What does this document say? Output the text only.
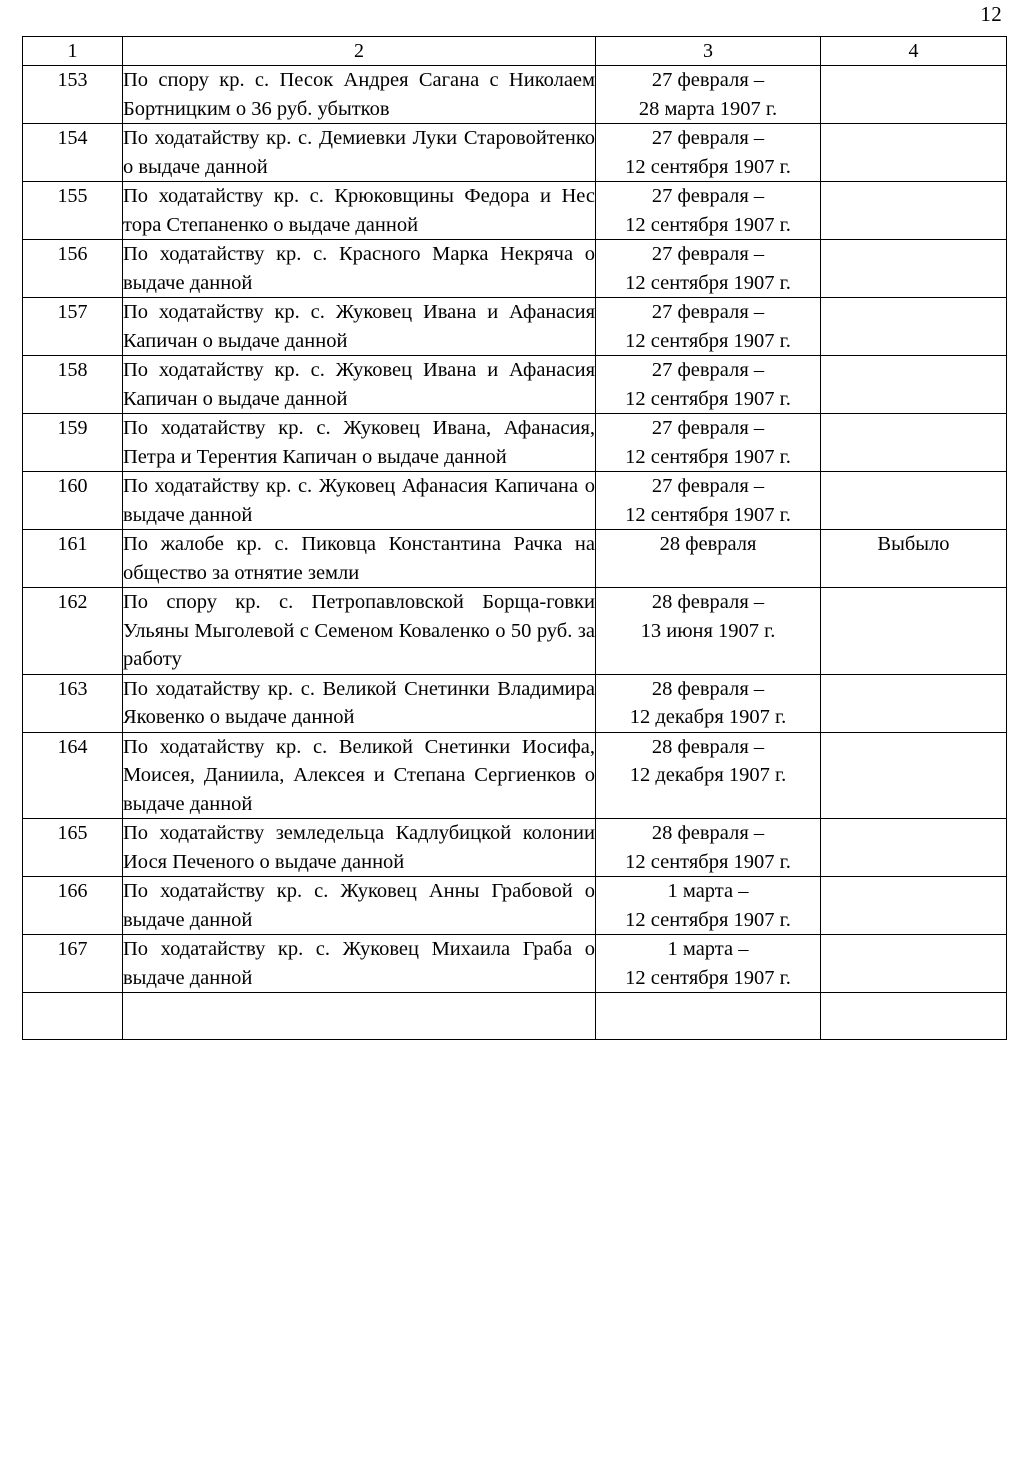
12
1	2	3	4
153	По спору кр. с. Песок Андрея Сагана с Николаем Бортницким о 36 руб. убытков	27 февраля –
28 марта 1907 г.	

154	По ходатайству кр. с. Демиевки Луки Старовойтенко о выдаче данной	27 февраля –
12 сентября 1907 г.	

155	По ходатайству кр. с. Крюковщины Федора и Нес тора Степаненко о выдаче данной	27 февраля –
12 сентября 1907 г.	

156	По ходатайству кр. с. Красного Марка Некряча о выдаче данной	27 февраля –
12 сентября 1907 г.	

157	По ходатайству кр. с. Жуковец Ивана и Афанасия Капичан о выдаче данной	27 февраля –
12 сентября 1907 г.	

158	По ходатайству кр. с. Жуковец Ивана и Афанасия Капичан о выдаче данной	27 февраля –
12 сентября 1907 г.	

159	По ходатайству кр. с. Жуковец Ивана, Афанасия, Петра и Терентия Капичан о выдаче данной	27 февраля –
12 сентября 1907 г.	

160	По ходатайству кр. с. Жуковец Афанасия Капичана о выдаче данной	27 февраля –
12 сентября 1907 г.	

161	По жалобе кр. с. Пиковца Константина Рачка на общество за отнятие земли	28 февраля	Выбыло
162	По спору кр. с. Петропавловской Борща-говки Ульяны Мыголевой с Семеном Коваленко о 50 руб. за работу	28 февраля –
13 июня 1907 г.	

163	По ходатайству кр. с. Великой Снетинки Владимира Яковенко о выдаче данной	28 февраля –
12 декабря 1907 г.	

164	По ходатайству кр. с. Великой Снетинки Иосифа, Моисея, Даниила, Алексея и Степана Сергиенков о выдаче данной	28 февраля –
12 декабря 1907 г.	

165	По ходатайству земледельца Кадлубицкой колонии Иося Печеного о выдаче данной	28 февраля –
12 сентября 1907 г.	

166	По ходатайству кр. с. Жуковец Анны Грабовой о выдаче данной	1 марта –
12 сентября 1907 г.	

167	По ходатайству кр. с. Жуковец Михаила Граба о выдаче данной	1 марта –
12 сентября 1907 г.	
